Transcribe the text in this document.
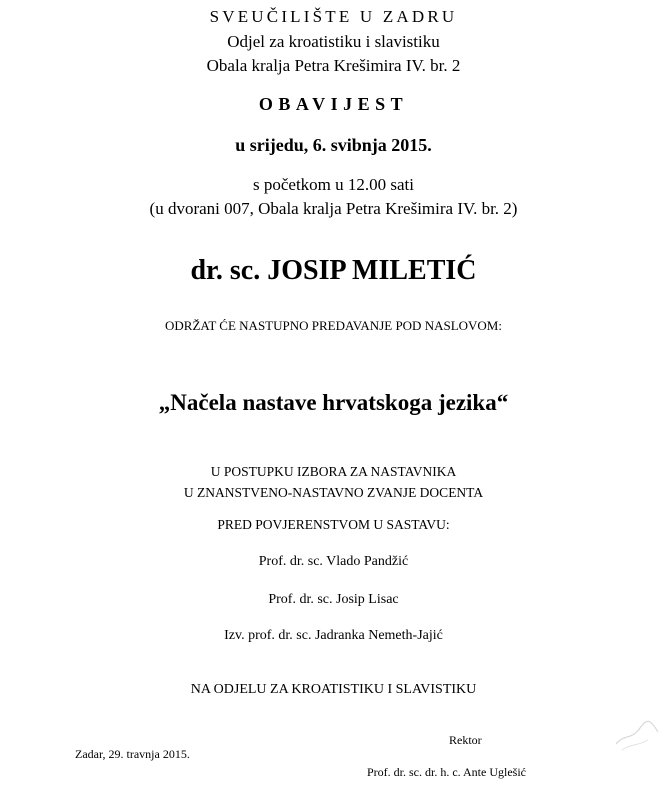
SVEUČILIŠTE U ZADRU
Odjel za kroatistiku i slavistiku
Obala kralja Petra Krešimira IV. br. 2
OBAVIJEST
u srijedu, 6. svibnja 2015.
s početkom u 12.00 sati
(u dvorani 007, Obala kralja Petra Krešimira IV. br. 2)
dr. sc. JOSIP MILETIĆ
ODRŽAT ĆE NASTUPNO PREDAVANJE POD NASLOVOM:
„Načela nastave hrvatskoga jezika“
U POSTUPKU IZBORA ZA NASTAVNIKA
U ZNANSTVENO-NASTAVNO ZVANJE DOCENTA
PRED POVJERENSTVOM U SASTAVU:
Prof. dr. sc. Vlado Pandžić
Prof. dr. sc. Josip Lisac
Izv. prof. dr. sc. Jadranka Nemeth-Jajić
NA ODJELU ZA KROATISTIKU I SLAVISTIKU
Rektor
Zadar, 29. travnja 2015.
Prof. dr. sc. dr. h. c. Ante Uglešić
